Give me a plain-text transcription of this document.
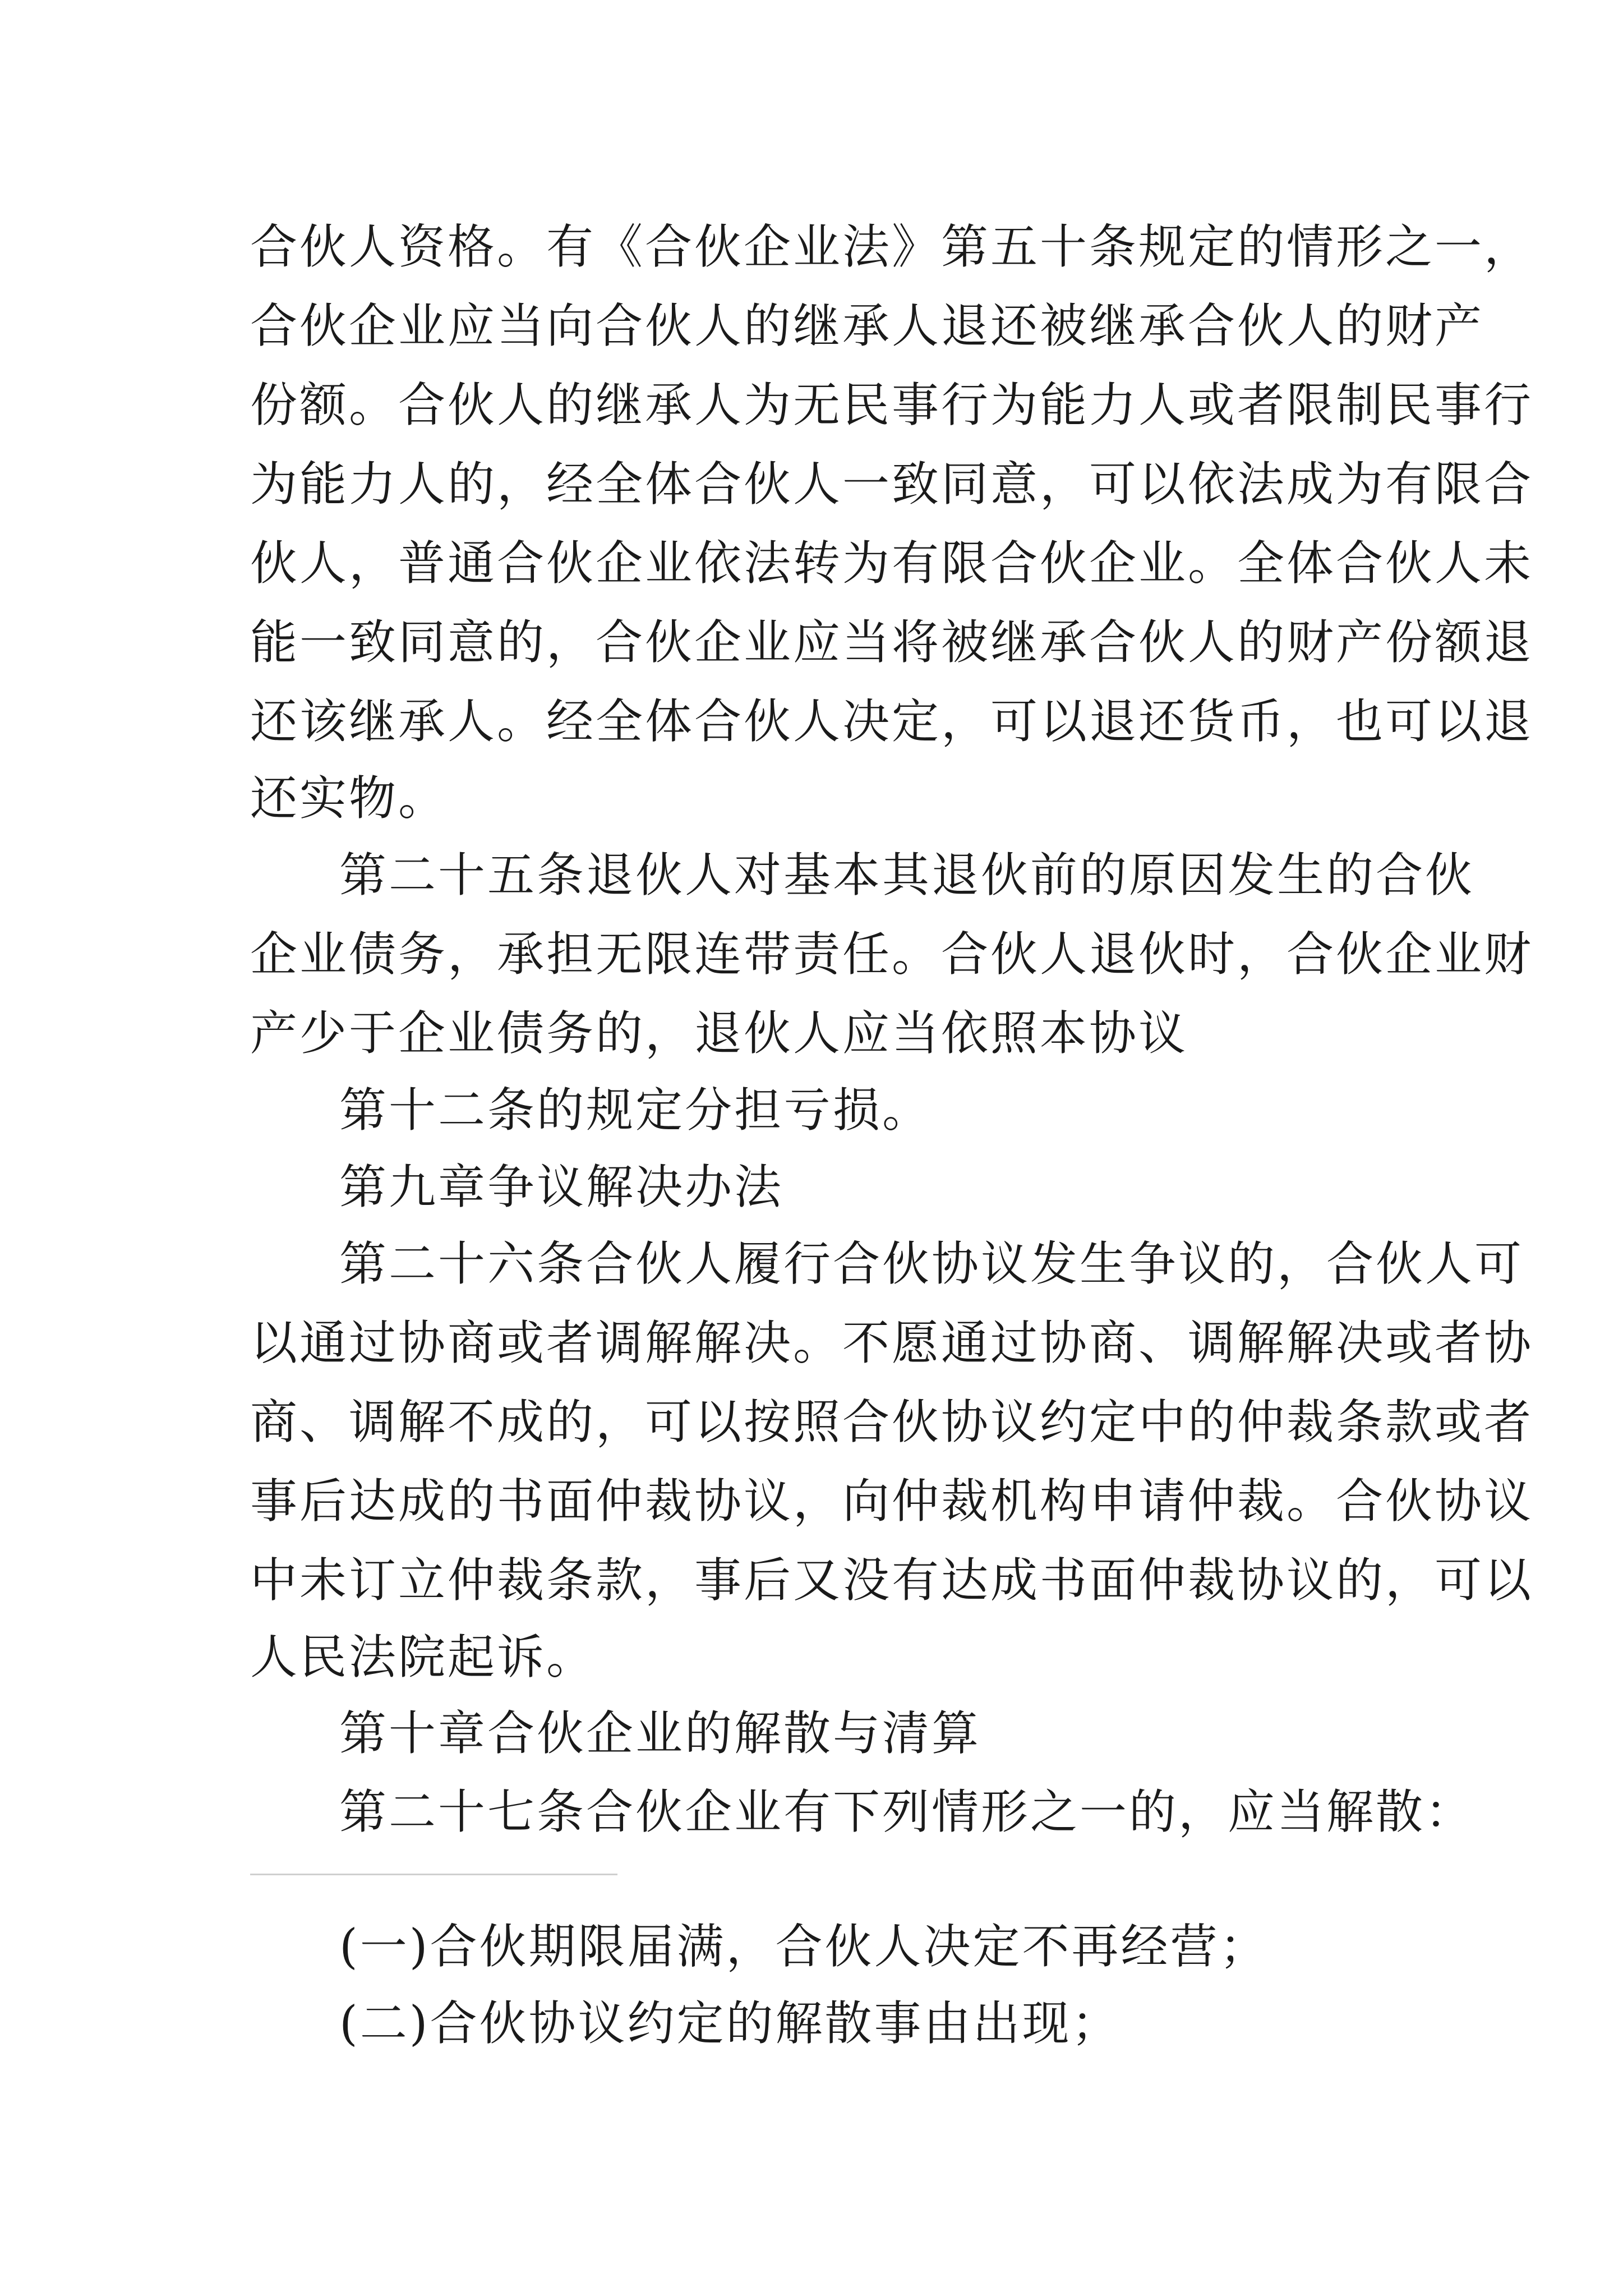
合伙人资格。有《合伙企业法》第五十条规定的情形之一，
合伙企业应当向合伙人的继承人退还被继承合伙人的财产
份额。合伙人的继承人为无民事行为能力人或者限制民事行
为能力人的，经全体合伙人一致同意，可以依法成为有限合
伙人，普通合伙企业依法转为有限合伙企业。全体合伙人未
能一致同意的，合伙企业应当将被继承合伙人的财产份额退
还该继承人。经全体合伙人决定，可以退还货币，也可以退
还实物。
第二十五条退伙人对基本其退伙前的原因发生的合伙
企业债务，承担无限连带责任。合伙人退伙时，合伙企业财
产少于企业债务的，退伙人应当依照本协议
第十二条的规定分担亏损。
第九章争议解决办法
第二十六条合伙人履行合伙协议发生争议的，合伙人可
以通过协商或者调解解决。不愿通过协商、调解解决或者协
商、调解不成的，可以按照合伙协议约定中的仲裁条款或者
事后达成的书面仲裁协议，向仲裁机构申请仲裁。合伙协议
中未订立仲裁条款，事后又没有达成书面仲裁协议的，可以
人民法院起诉。
第十章合伙企业的解散与清算
第二十七条合伙企业有下列情形之一的，应当解散：
(一)合伙期限届满，合伙人决定不再经营；
(二)合伙协议约定的解散事由出现；
